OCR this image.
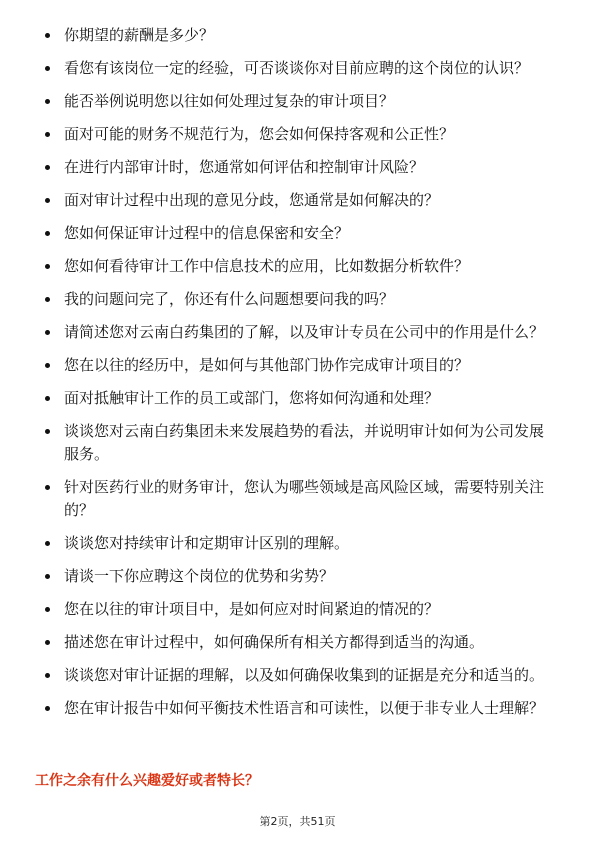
你期望的薪酬是多少？
看您有该岗位一定的经验，可否谈谈你对目前应聘的这个岗位的认识？
能否举例说明您以往如何处理过复杂的审计项目？
面对可能的财务不规范行为，您会如何保持客观和公正性？
在进行内部审计时，您通常如何评估和控制审计风险？
面对审计过程中出现的意见分歧，您通常是如何解决的？
您如何保证审计过程中的信息保密和安全？
您如何看待审计工作中信息技术的应用，比如数据分析软件？
我的问题问完了，你还有什么问题想要问我的吗？
请简述您对云南白药集团的了解，以及审计专员在公司中的作用是什么？
您在以往的经历中，是如何与其他部门协作完成审计项目的？
面对抵触审计工作的员工或部门，您将如何沟通和处理？
谈谈您对云南白药集团未来发展趋势的看法，并说明审计如何为公司发展服务。
针对医药行业的财务审计，您认为哪些领域是高风险区域，需要特别关注的？
谈谈您对持续审计和定期审计区别的理解。
请谈一下你应聘这个岗位的优势和劣势？
您在以往的审计项目中，是如何应对时间紧迫的情况的？
描述您在审计过程中，如何确保所有相关方都得到适当的沟通。
谈谈您对审计证据的理解，以及如何确保收集到的证据是充分和适当的。
您在审计报告中如何平衡技术性语言和可读性，以便于非专业人士理解？
工作之余有什么兴趣爱好或者特长？
第2页，共51页
